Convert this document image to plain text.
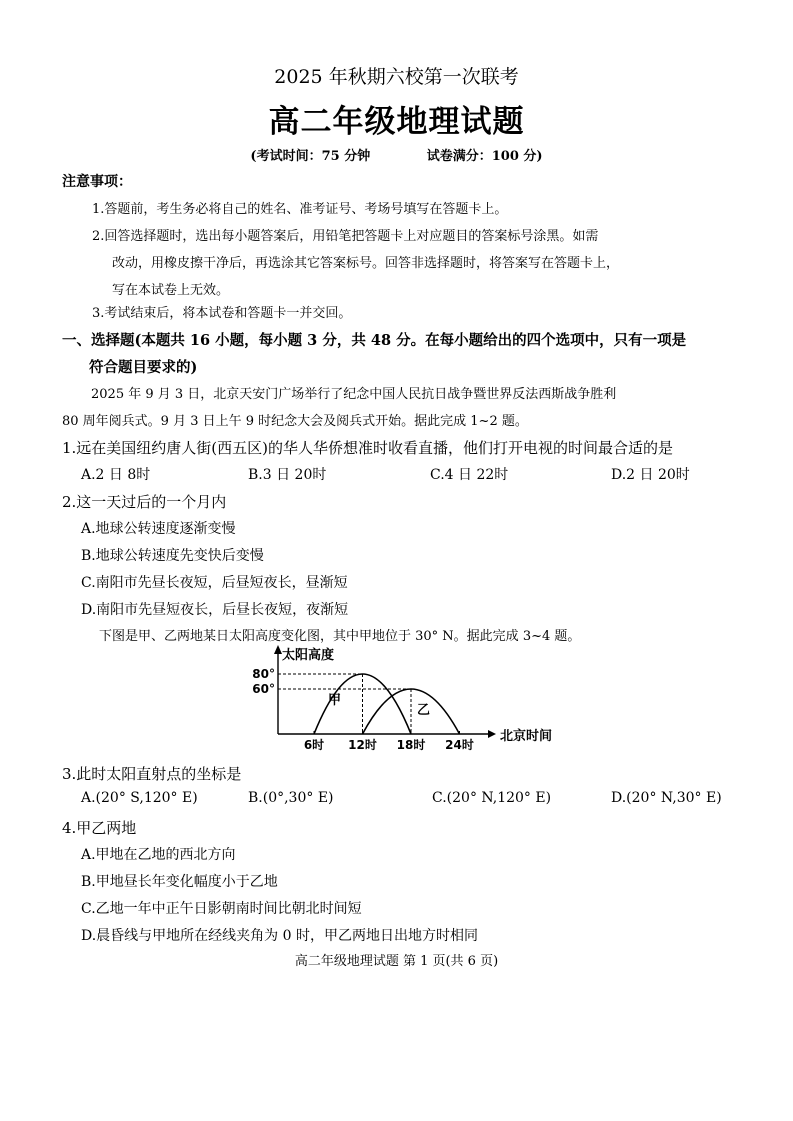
2025 年秋期六校第一次联考
高二年级地理试题
(考试时间：75 分钟	试卷满分：100 分)
注意事项：
1.答题前，考生务必将自己的姓名、准考证号、考场号填写在答题卡上。
2.回答选择题时，选出每小题答案后，用铅笔把答题卡上对应题目的答案标号涂黑。如需
改动，用橡皮擦干净后，再选涂其它答案标号。回答非选择题时，将答案写在答题卡上，
写在本试卷上无效。
3.考试结束后，将本试卷和答题卡一并交回。
一、选择题(本题共 16 小题，每小题 3 分，共 48 分。在每小题给出的四个选项中，只有一项是
符合题目要求的)
2025 年 9 月 3 日，北京天安门广场举行了纪念中国人民抗日战争暨世界反法西斯战争胜利
80 周年阅兵式。9 月 3 日上午 9 时纪念大会及阅兵式开始。据此完成 1~2 题。
1.远在美国纽约唐人街(西五区)的华人华侨想准时收看直播，他们打开电视的时间最合适的是
A.2 日 8时	B.3 日 20时	C.4 日 22时	D.2 日 20时
2.这一天过后的一个月内
A.地球公转速度逐渐变慢
B.地球公转速度先变快后变慢
C.南阳市先昼长夜短，后昼短夜长，昼渐短
D.南阳市先昼短夜长，后昼长夜短，夜渐短
下图是甲、乙两地某日太阳高度变化图，其中甲地位于 30° N。据此完成 3~4 题。
太阳高度
北京时间
甲
乙
80°
60°
6时 12时 18时 24时
3.此时太阳直射点的坐标是
A.(20° S,120° E)	B.(0°,30° E)	C.(20° N,120° E)	D.(20° N,30° E)
4.甲乙两地
A.甲地在乙地的西北方向
B.甲地昼长年变化幅度小于乙地
C.乙地一年中正午日影朝南时间比朝北时间短
D.晨昏线与甲地所在经线夹角为 0 时，甲乙两地日出地方时相同
高二年级地理试题 第 1 页(共 6 页)
